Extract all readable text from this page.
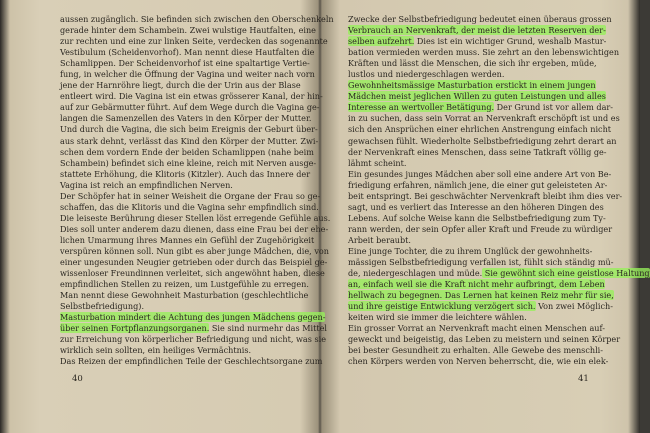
aussen zugänglich. Sie befinden sich zwischen den Oberschenkeln
gerade hinter dem Schambein. Zwei wulstige Hautfalten, eine
zur rechten und eine zur linken Seite, verdecken das sogenannte
Vestibulum (Scheidenvorhof). Man nennt diese Hautfalten die
Schamlippen. Der Scheidenvorhof ist eine spaltartige Vertie-
fung, in welcher die Öffnung der Vagina und weiter nach vorn
jene der Harnröhre liegt, durch die der Urin aus der Blase
entleert wird. Die Vagina ist ein etwas grösserer Kanal, der hin-
auf zur Gebärmutter führt. Auf dem Wege durch die Vagina ge-
langen die Samenzellen des Vaters in den Körper der Mutter.
Und durch die Vagina, die sich beim Ereignis der Geburt über-
aus stark dehnt, verlässt das Kind den Körper der Mutter. Zwi-
schen dem vordern Ende der beiden Schamlippen (nahe beim
Schambein) befindet sich eine kleine, reich mit Nerven ausge-
stattete Erhöhung, die Klitoris (Kitzler). Auch das Innere der
Vagina ist reich an empfindlichen Nerven.
Der Schöpfer hat in seiner Weisheit die Organe der Frau so ge-
schaffen, das die Klitoris und die Vagina sehr empfindlich sind.
Die leiseste Berührung dieser Stellen löst erregende Gefühle aus.
Dies soll unter anderem dazu dienen, dass eine Frau bei der ehe-
lichen Umarmung ihres Mannes ein Gefühl der Zugehörigkeit
verspüren können soll. Nun gibt es aber junge Mädchen, die, von
einer ungesunden Neugier getrieben oder durch das Beispiel ge-
wissenloser Freundinnen verleitet, sich angewöhnt haben, diese
empfindlichen Stellen zu reizen, um Lustgefühle zu erregen.
Man nennt diese Gewohnheit Masturbation (geschlechtliche
Selbstbefriedigung).
Masturbation mindert die Achtung des jungen Mädchens gegen-
über seinen Fortpflanzungsorganen. Sie sind nurmehr das Mittel
zur Erreichung von körperlicher Befriedigung und nicht, was sie
wirklich sein sollten, ein heiliges Vermächtnis.
Das Reizen der empfindlichen Teile der Geschlechtsorgane zum
40
Zwecke der Selbstbefriedigung bedeutet einen überaus grossen
Verbrauch an Nervenkraft, der meist die letzten Reserven der-
selben aufzehrt. Dies ist ein wichtiger Grund, weshalb Mastur-
bation vermieden werden muss. Sie zehrt an den lebenswichtigen
Kräften und lässt die Menschen, die sich ihr ergeben, müde,
lustlos und niedergeschlagen werden.
Gewohnheitsmässige Masturbation erstickt in einem jungen
Mädchen meist jeglichen Willen zu guten Leistungen und alles
Interesse an wertvoller Betätigung. Der Grund ist vor allem dar-
in zu suchen, dass sein Vorrat an Nervenkraft erschöpft ist und es
sich den Ansprüchen einer ehrlichen Anstrengung einfach nicht
gewachsen fühlt. Wiederholte Selbstbefriedigung zehrt derart an
der Nervenkraft eines Menschen, dass seine Tatkraft völlig ge-
lähmt scheint.
Ein gesundes junges Mädchen aber soll eine andere Art von Be-
friedigung erfahren, nämlich jene, die einer gut geleisteten Ar-
beit entspringt. Bei geschwächter Nervenkraft bleibt ihm dies ver-
sagt, und es verliert das Interesse an den höheren Dingen des
Lebens. Auf solche Weise kann die Selbstbefriedigung zum Ty-
rann werden, der sein Opfer aller Kraft und Freude zu würdiger
Arbeit beraubt.
Eine junge Tochter, die zu ihrem Unglück der gewohnheits-
mässigen Selbstbefriedigung verfallen ist, fühlt sich ständig mü-
de, niedergeschlagen und müde. Sie gewöhnt sich eine geistlose Haltung
an, einfach weil sie die Kraft nicht mehr aufbringt, dem Leben
hellwach zu begegnen. Das Lernen hat keinen Reiz mehr für sie,
und ihre geistige Entwicklung verzögert sich. Von zwei Möglich-
keiten wird sie immer die leichtere wählen.
Ein grosser Vorrat an Nervenkraft macht einen Menschen auf-
geweckt und beigeistig, das Leben zu meistern und seinen Körper
bei bester Gesundheit zu erhalten. Alle Gewebe des menschli-
chen Körpers werden von Nerven beherrscht, die, wie ein elek-
41
